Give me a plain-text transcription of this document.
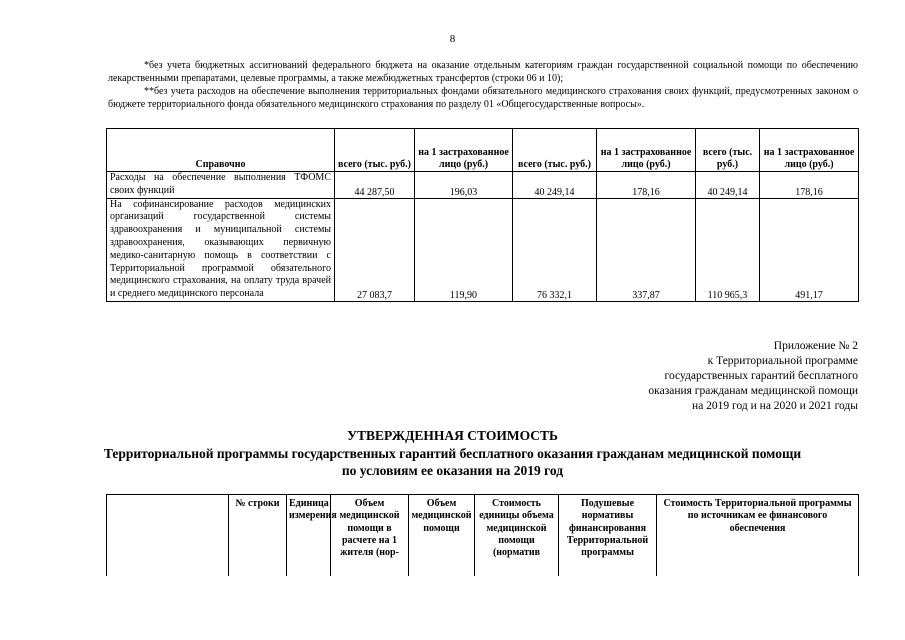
8

*без учета бюджетных ассигнований федерального бюджета на оказание отдельным категориям граждан государственной социальной помощи по обеспечению лекарственными препаратами, целевые программы, а также межбюджетных трансфертов (строки 06 и 10);

**без учета расходов на обеспечение выполнения территориальных фондами обязательного медицинского страхования своих функций, предусмотренных законом о бюджете территориального фонда обязательного медицинского страхования по разделу 01 «Общегосударственные вопросы».

Справочно	всего (тыс. руб.)	на 1 застрахованное лицо (руб.)	всего (тыс. руб.)	на 1 застрахованное лицо (руб.)	всего (тыс. руб.)	на 1 застрахованное лицо (руб.)
Расходы на обеспечение выполнения ТФОМС своих функций	44 287,50	196,03	40 249,14	178,16	40 249,14	178,16
На софинансирование расходов медицинских организаций государственной системы здравоохранения и муниципальной системы здравоохранения, оказывающих первичную медико-санитарную помощь в соответствии с Территориальной программой обязательного медицинского страхования, на оплату труда врачей и среднего медицинского персонала	27 083,7	119,90	76 332,1	337,87	110 965,3	491,17
Приложение № 2
к Территориальной программе
государственных гарантий бесплатного
оказания гражданам медицинской помощи
на 2019 год и на 2020 и 2021 годы
УТВЕРЖДЕННАЯ СТОИМОСТЬ
Территориальной программы государственных гарантий бесплатного оказания гражданам медицинской помощи по условиям ее оказания на 2019 год
	№ строки	Единица измерения	Объем медицинской помощи в расчете на 1 жителя (нор-	Объем медицинской помощи	Стоимость единицы объема медицинской помощи (норматив	Подушевые нормативы финансирования Территориальной программы	Стоимость Территориальной программы по источникам ее финансового обеспечения
